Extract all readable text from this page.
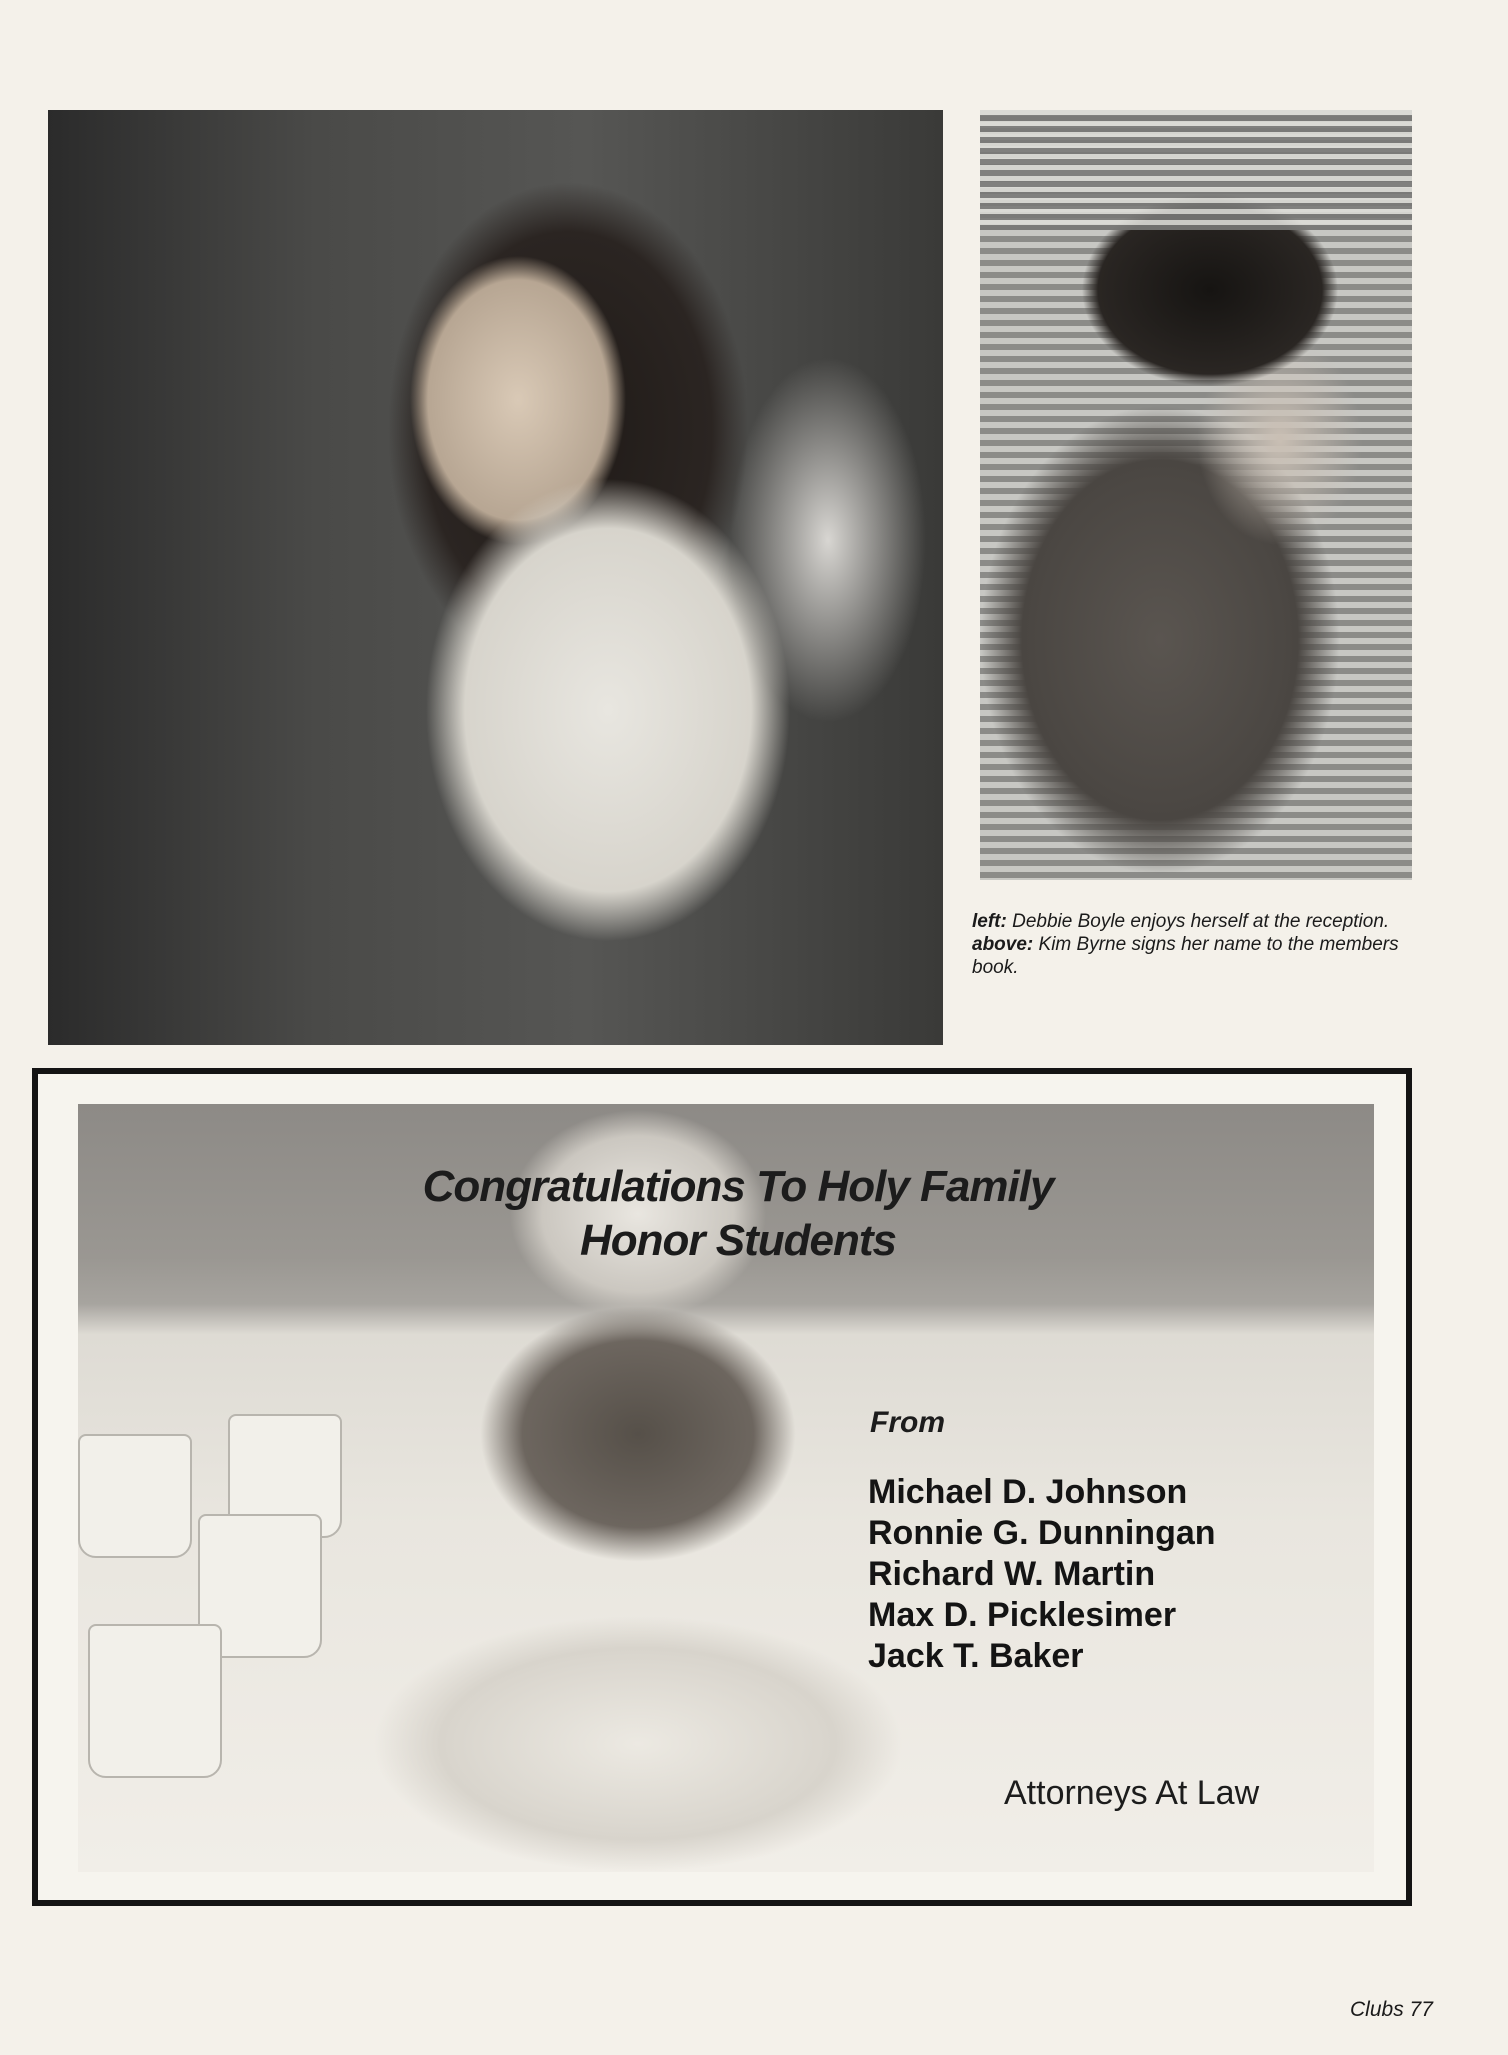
left: Debbie Boyle enjoys herself at the reception.

above: Kim Byrne signs her name to the members book.

Congratulations To Holy Family
Honor Students
From
Michael D. Johnson
Ronnie G. Dunningan
Richard W. Martin
Max D. Picklesimer
Jack T. Baker
Attorneys At Law
Clubs 77
